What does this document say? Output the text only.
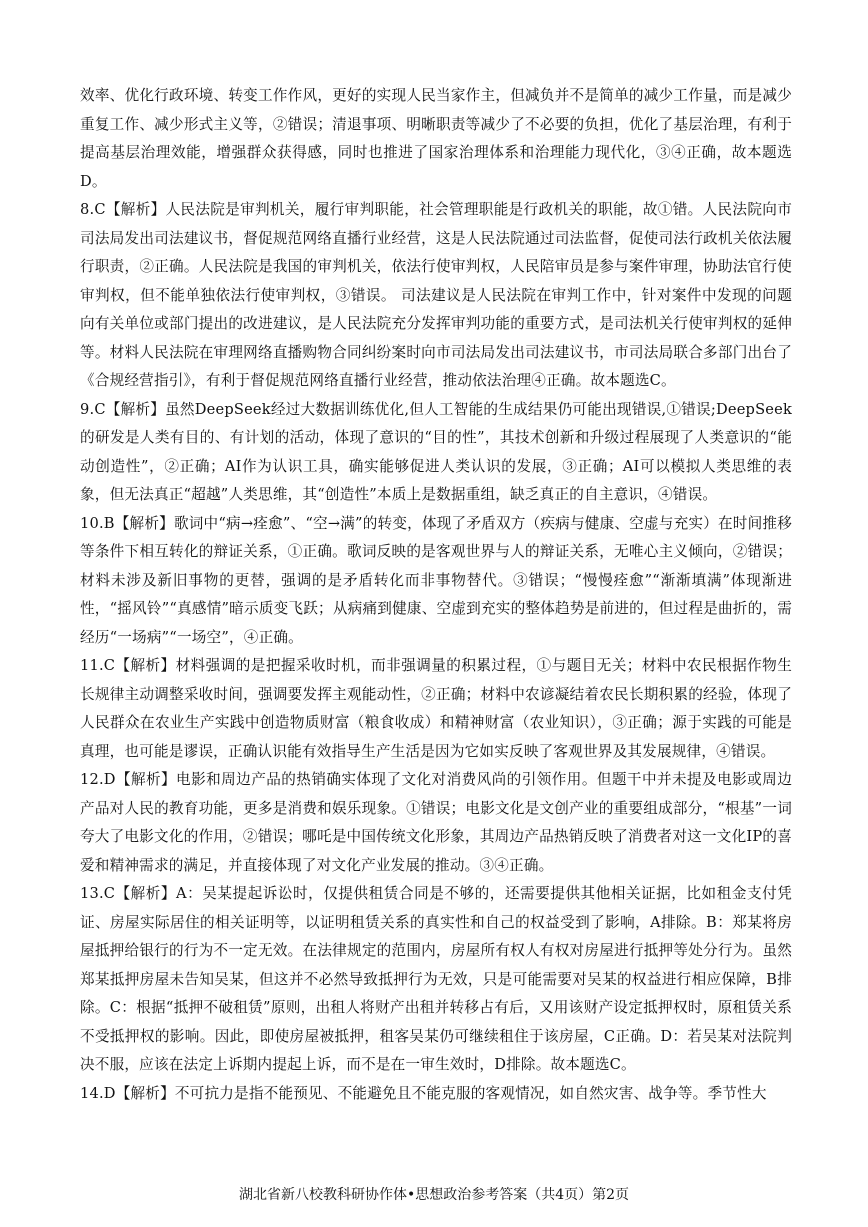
效率、优化行政环境、转变工作作风，更好的实现人民当家作主，但减负并不是简单的减少工作量，而是减少重复工作、减少形式主义等，②错误；清退事项、明晰职责等减少了不必要的负担，优化了基层治理，有利于提高基层治理效能，增强群众获得感，同时也推进了国家治理体系和治理能力现代化，③④正确，故本题选D。

8.C【解析】人民法院是审判机关，履行审判职能，社会管理职能是行政机关的职能，故①错。人民法院向市司法局发出司法建议书，督促规范网络直播行业经营，这是人民法院通过司法监督，促使司法行政机关依法履行职责，②正确。人民法院是我国的审判机关，依法行使审判权，人民陪审员是参与案件审理，协助法官行使审判权，但不能单独依法行使审判权，③错误。 司法建议是人民法院在审判工作中，针对案件中发现的问题向有关单位或部门提出的改进建议，是人民法院充分发挥审判功能的重要方式，是司法机关行使审判权的延伸等。材料人民法院在审理网络直播购物合同纠纷案时向市司法局发出司法建议书，市司法局联合多部门出台了《合规经营指引》，有利于督促规范网络直播行业经营，推动依法治理④正确。故本题选C。

9.C【解析】虽然DeepSeek经过大数据训练优化,但人工智能的生成结果仍可能出现错误,①错误;DeepSeek的研发是人类有目的、有计划的活动，体现了意识的“目的性”，其技术创新和升级过程展现了人类意识的“能动创造性”，②正确；AI作为认识工具，确实能够促进人类认识的发展，③正确；AI可以模拟人类思维的表象，但无法真正“超越”人类思维，其“创造性”本质上是数据重组，缺乏真正的自主意识，④错误。

10.B【解析】歌词中“病→痊愈”、“空→满”的转变，体现了矛盾双方（疾病与健康、空虚与充实）在时间推移等条件下相互转化的辩证关系，①正确。歌词反映的是客观世界与人的辩证关系，无唯心主义倾向，②错误；材料未涉及新旧事物的更替，强调的是矛盾转化而非事物替代。③错误；“慢慢痊愈”“渐渐填满”体现渐进性，“摇风铃”“真感情”暗示质变飞跃；从病痛到健康、空虚到充实的整体趋势是前进的，但过程是曲折的，需经历“一场病”“一场空”，④正确。

11.C【解析】材料强调的是把握采收时机，而非强调量的积累过程，①与题目无关；材料中农民根据作物生长规律主动调整采收时间，强调要发挥主观能动性，②正确；材料中农谚凝结着农民长期积累的经验，体现了人民群众在农业生产实践中创造物质财富（粮食收成）和精神财富（农业知识），③正确；源于实践的可能是真理，也可能是谬误，正确认识能有效指导生产生活是因为它如实反映了客观世界及其发展规律，④错误。

12.D【解析】电影和周边产品的热销确实体现了文化对消费风尚的引领作用。但题干中并未提及电影或周边产品对人民的教育功能，更多是消费和娱乐现象。①错误；电影文化是文创产业的重要组成部分，“根基”一词夸大了电影文化的作用，②错误；哪吒是中国传统文化形象，其周边产品热销反映了消费者对这一文化IP的喜爱和精神需求的满足，并直接体现了对文化产业发展的推动。③④正确。

13.C【解析】A：吴某提起诉讼时，仅提供租赁合同是不够的，还需要提供其他相关证据，比如租金支付凭证、房屋实际居住的相关证明等，以证明租赁关系的真实性和自己的权益受到了影响，A排除。B：郑某将房屋抵押给银行的行为不一定无效。在法律规定的范围内，房屋所有权人有权对房屋进行抵押等处分行为。虽然郑某抵押房屋未告知吴某，但这并不必然导致抵押行为无效，只是可能需要对吴某的权益进行相应保障，B排除。C：根据“抵押不破租赁”原则，出租人将财产出租并转移占有后，又用该财产设定抵押权时，原租赁关系不受抵押权的影响。因此，即使房屋被抵押，租客吴某仍可继续租住于该房屋，C正确。D：若吴某对法院判决不服，应该在法定上诉期内提起上诉，而不是在一审生效时，D排除。故本题选C。

14.D【解析】不可抗力是指不能预见、不能避免且不能克服的客观情况，如自然灾害、战争等。季节性大

湖北省新八校教科研协作体•思想政治参考答案（共4页）第2页
